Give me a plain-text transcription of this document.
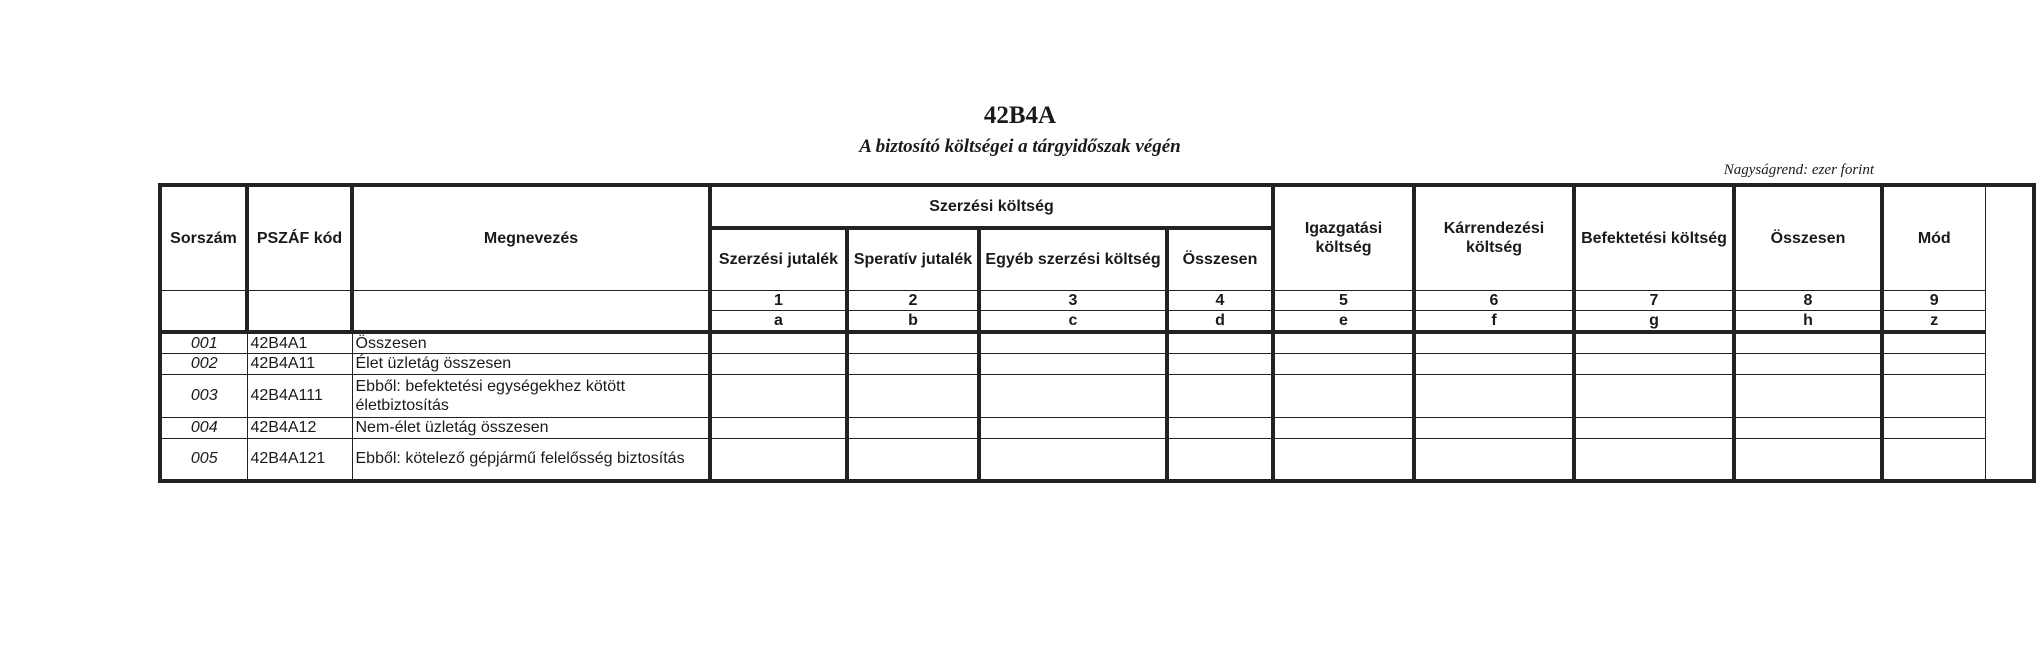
42B4A
A biztosító költségei a tárgyidőszak végén
Nagyságrend: ezer forint
Sorszám	PSZÁF kód	Megnevezés	Szerzési költség				Igazgatási költség	Kárrendezési költség	Befektetési költség	Összesen	Mód
			Szerzési jutalék	Speratív jutalék	Egyéb szerzési költség	Összesen					
			1	2	3	4	5	6	7	8	9
			a	b	c	d	e	f	g	h	z
001	42B4A1	Összesen									
002	42B4A11	Élet üzletág összesen									
003	42B4A111	Ebből: befektetési egységekhez kötött életbiztosítás									
004	42B4A12	Nem-élet üzletág összesen									
005	42B4A121	Ebből: kötelező gépjármű felelősség biztosítás									
